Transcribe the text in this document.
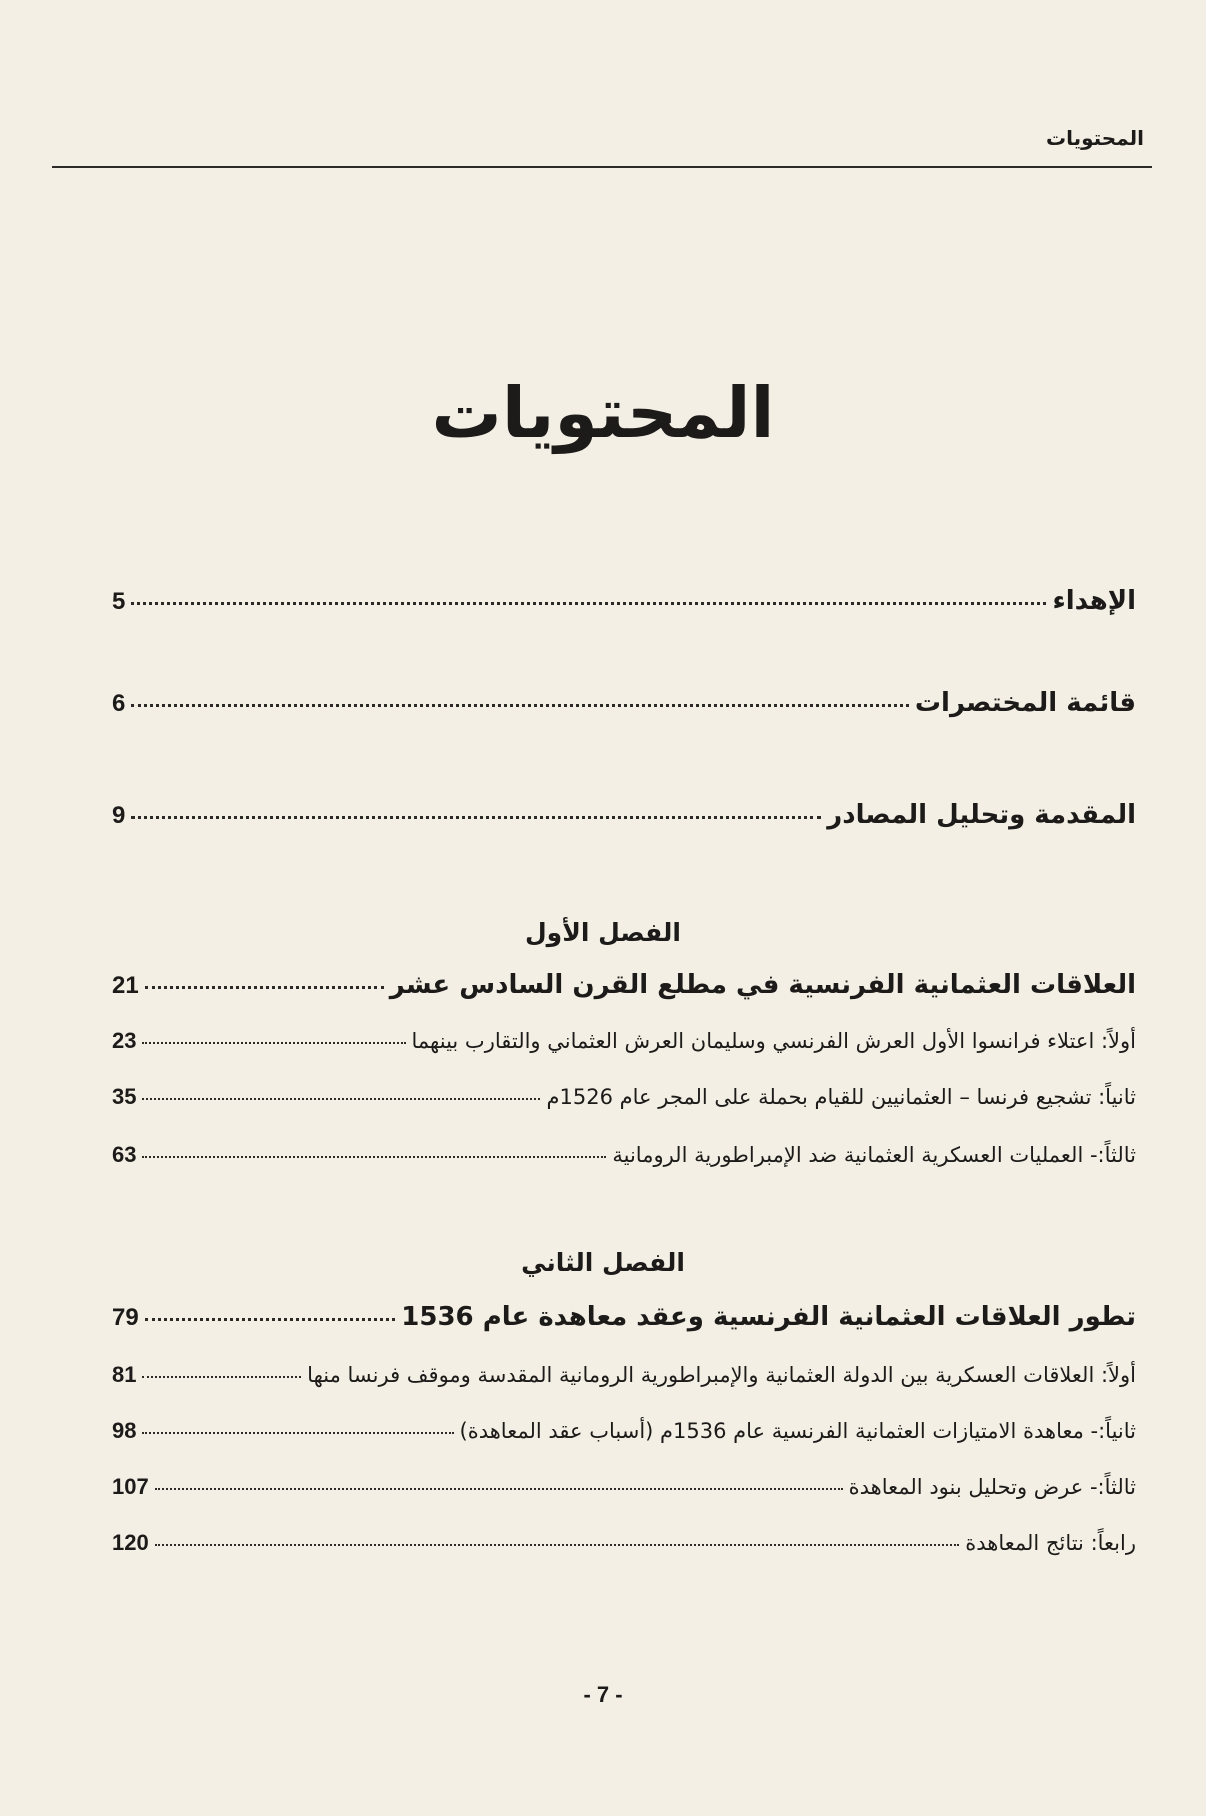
المحتويات
المحتويات
الإهداء
5
قائمة المختصرات
6
المقدمة وتحليل المصادر
9
الفصل الأول
العلاقات العثمانية الفرنسية في مطلع القرن السادس عشر
21
أولاً: اعتلاء فرانسوا الأول العرش الفرنسي وسليمان العرش العثماني والتقارب بينهما
23
ثانياً: تشجيع فرنسا – العثمانيين للقيام بحملة على المجر عام 1526م
35
ثالثاً:- العمليات العسكرية العثمانية ضد الإمبراطورية الرومانية
63
الفصل الثاني
تطور العلاقات العثمانية الفرنسية وعقد معاهدة عام 1536
79
أولاً: العلاقات العسكرية بين الدولة العثمانية والإمبراطورية الرومانية المقدسة وموقف فرنسا منها
81
ثانياً:- معاهدة الامتيازات العثمانية الفرنسية عام 1536م (أسباب عقد المعاهدة)
98
ثالثاً:- عرض وتحليل بنود المعاهدة
107
رابعاً: نتائج المعاهدة
120
- 7 -
